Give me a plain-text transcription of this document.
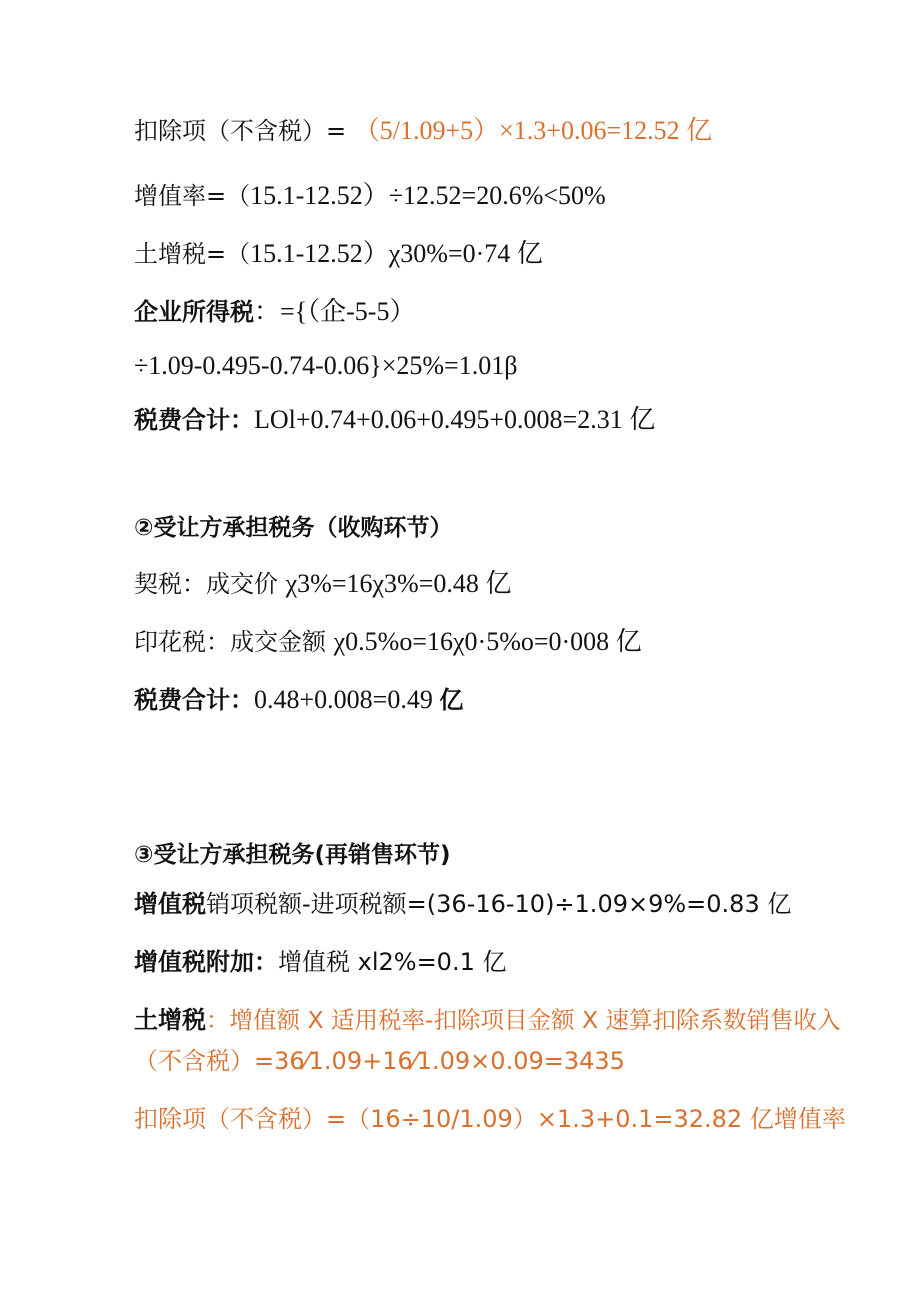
扣除项（不含税）= （5/1.09+5）×1.3+0.06=12.52 亿
增值率=（15.1-12.52）÷12.52=20.6%<50%
土增税=（15.1-12.52）χ30%=0·74 亿
企业所得税：={（企-5-5）
÷1.09-0.495-0.74-0.06}×25%=1.01β
税费合计：LOl+0.74+0.06+0.495+0.008=2.31 亿
②受让方承担税务（收购环节）
契税：成交价 χ3%=16χ3%=0.48 亿
印花税：成交金额 χ0.5%o=16χ0·5%o=0·008 亿
税费合计：0.48+0.008=0.49 亿
③受让方承担税务(再销售环节)
增值税销项税额-进项税额=(36-16-10)÷1.09×9%=0.83 亿
增值税附加：增值税 xl2%=0.1 亿
土增税：增值额 X 适用税率-扣除项目金额 X 速算扣除系数销售收入
（不含税）=36⁄1.09+16⁄1.09×0.09=3435
扣除项（不含税）=（16÷10/1.09）×1.3+0.1=32.82 亿增值率
